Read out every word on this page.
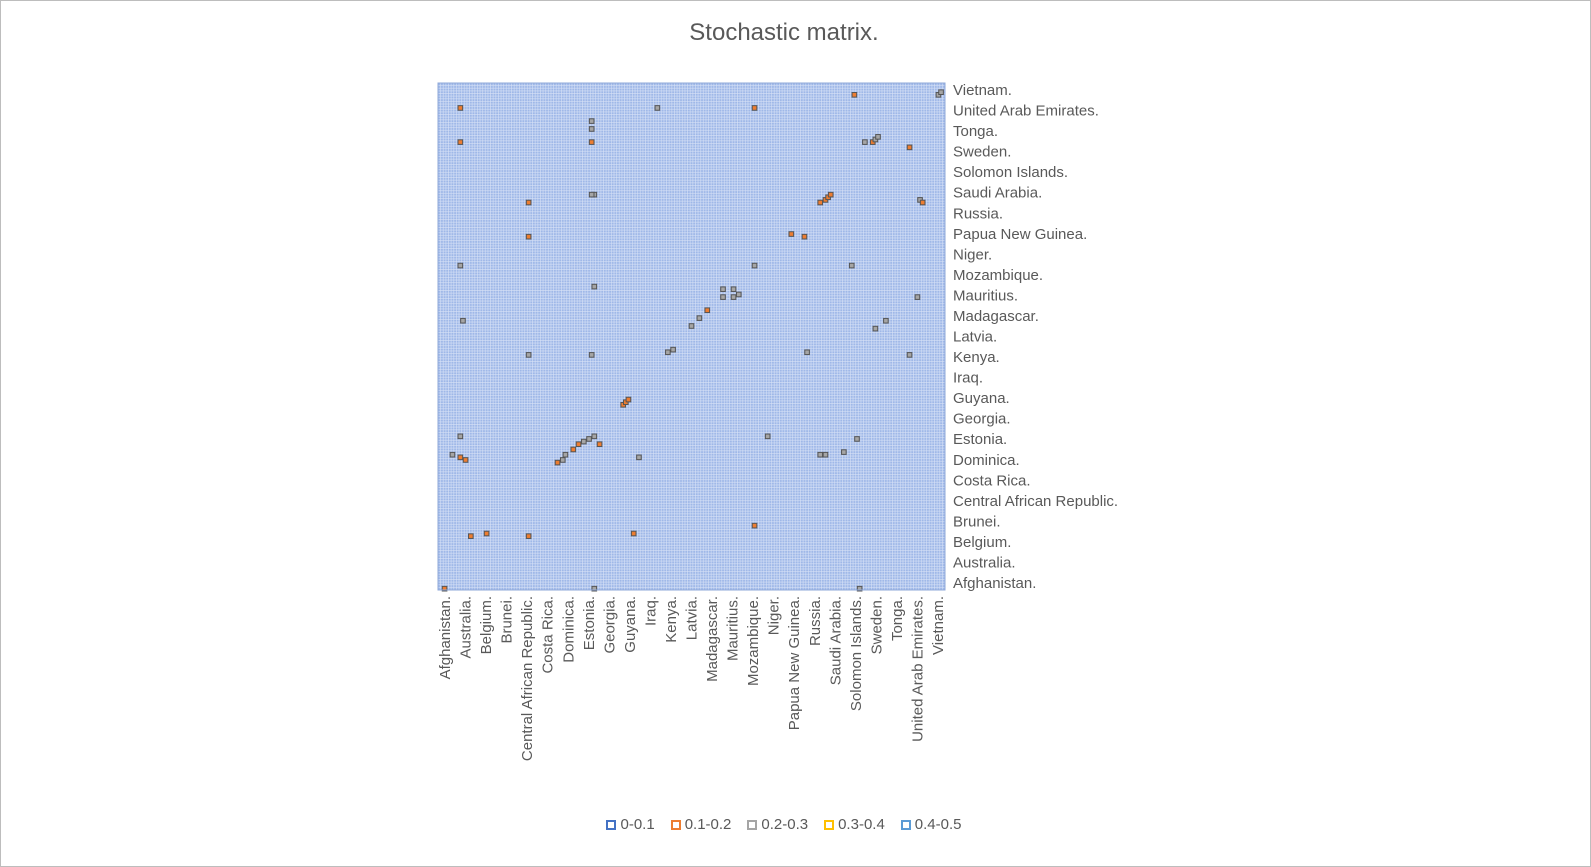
Stochastic matrix.
Afghanistan.
Australia.
Belgium.
Brunei.
Central African Republic.
Costa Rica.
Dominica.
Estonia.
Georgia.
Guyana.
Iraq.
Kenya.
Latvia.
Madagascar.
Mauritius.
Mozambique.
Niger.
Papua New Guinea.
Russia.
Saudi Arabia.
Solomon Islands.
Sweden.
Tonga.
United Arab Emirates.
Vietnam.
Afghanistan. Australia. Belgium. Brunei. Central African Republic. Costa Rica. Dominica. Estonia. Georgia. Guyana. Iraq. Kenya. Latvia. Madagascar. Mauritius. Mozambique. Niger. Papua New Guinea. Russia. Saudi Arabia. Solomon Islands. Sweden. Tonga. United Arab Emirates. Vietnam.
0-0.1 0.1-0.2 0.2-0.3 0.3-0.4 0.4-0.5
